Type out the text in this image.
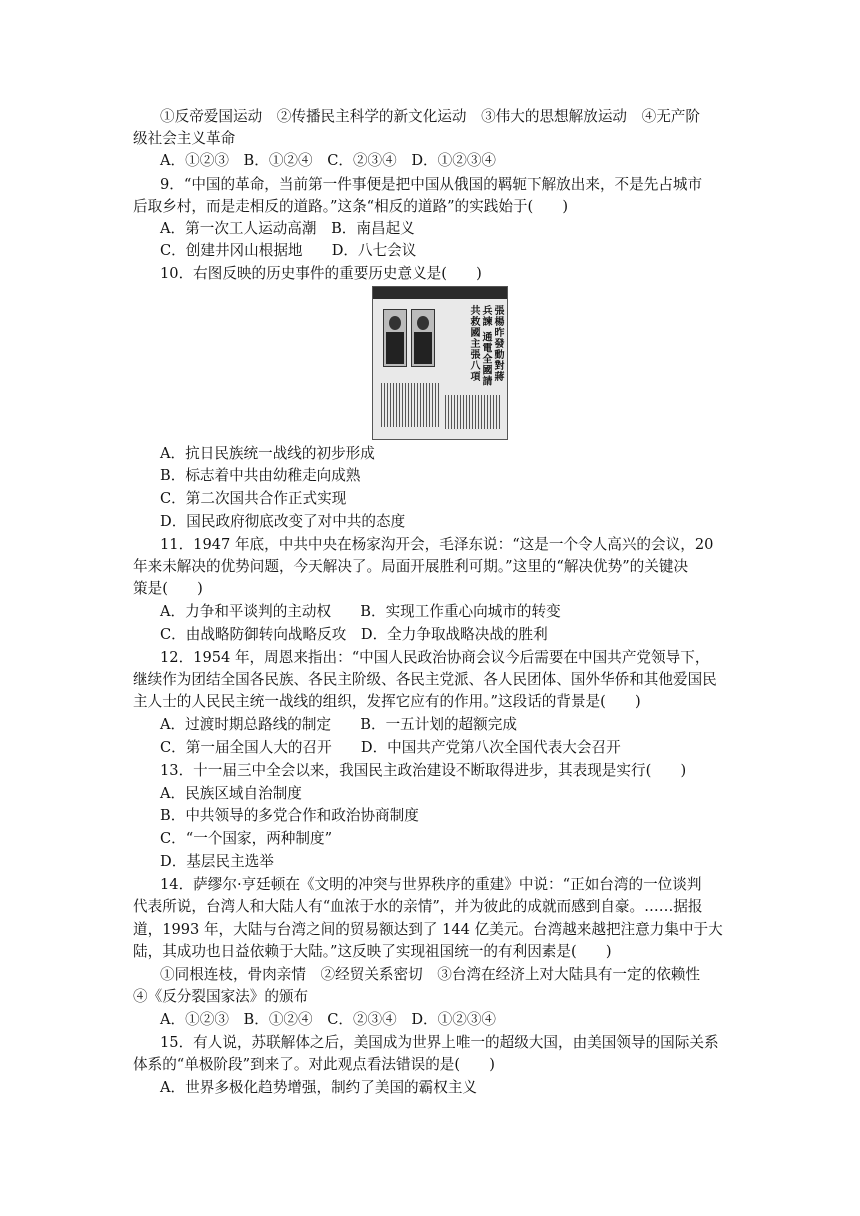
①反帝爱国运动　②传播民主科学的新文化运动　③伟大的思想解放运动　④无产阶
级社会主义革命
A．①②③　B．①②④　C．②③④　D．①②③④
9．“中国的革命，当前第一件事便是把中国从俄国的羁轭下解放出来，不是先占城市
后取乡村，而是走相反的道路。”这条“相反的道路”的实践始于(　　)
A．第一次工人运动高潮　B．南昌起义
C．创建井冈山根据地　　D．八七会议
10．右图反映的历史事件的重要历史意义是(　　)
張楊昨發動對蔣兵諫 通電全國請共救國主張八項
A．抗日民族统一战线的初步形成
B．标志着中共由幼稚走向成熟
C．第二次国共合作正式实现
D．国民政府彻底改变了对中共的态度
11．1947 年底，中共中央在杨家沟开会，毛泽东说：“这是一个令人高兴的会议，20
年来未解决的优势问题，今天解决了。局面开展胜利可期。”这里的“解决优势”的关键决
策是(　　)
A．力争和平谈判的主动权　　B．实现工作重心向城市的转变
C．由战略防御转向战略反攻　D．全力争取战略决战的胜利
12．1954 年，周恩来指出：“中国人民政治协商会议今后需要在中国共产党领导下，
继续作为团结全国各民族、各民主阶级、各民主党派、各人民团体、国外华侨和其他爱国民
主人士的人民民主统一战线的组织，发挥它应有的作用。”这段话的背景是(　　)
A．过渡时期总路线的制定　　B．一五计划的超额完成
C．第一届全国人大的召开　　D．中国共产党第八次全国代表大会召开
13．十一届三中全会以来，我国民主政治建设不断取得进步，其表现是实行(　　)
A．民族区域自治制度
B．中共领导的多党合作和政治协商制度
C．“一个国家，两种制度”
D．基层民主选举
14．萨缪尔·亨廷顿在《文明的冲突与世界秩序的重建》中说：“正如台湾的一位谈判
代表所说，台湾人和大陆人有“血浓于水的亲情”，并为彼此的成就而感到自豪。……据报
道，1993 年，大陆与台湾之间的贸易额达到了 144 亿美元。台湾越来越把注意力集中于大
陆，其成功也日益依赖于大陆。”这反映了实现祖国统一的有利因素是(　　)
①同根连枝，骨肉亲情　②经贸关系密切　③台湾在经济上对大陆具有一定的依赖性
④《反分裂国家法》的颁布
A．①②③　B．①②④　C．②③④　D．①②③④
15．有人说，苏联解体之后，美国成为世界上唯一的超级大国，由美国领导的国际关系
体系的“单极阶段”到来了。对此观点看法错误的是(　　)
A．世界多极化趋势增强，制约了美国的霸权主义
